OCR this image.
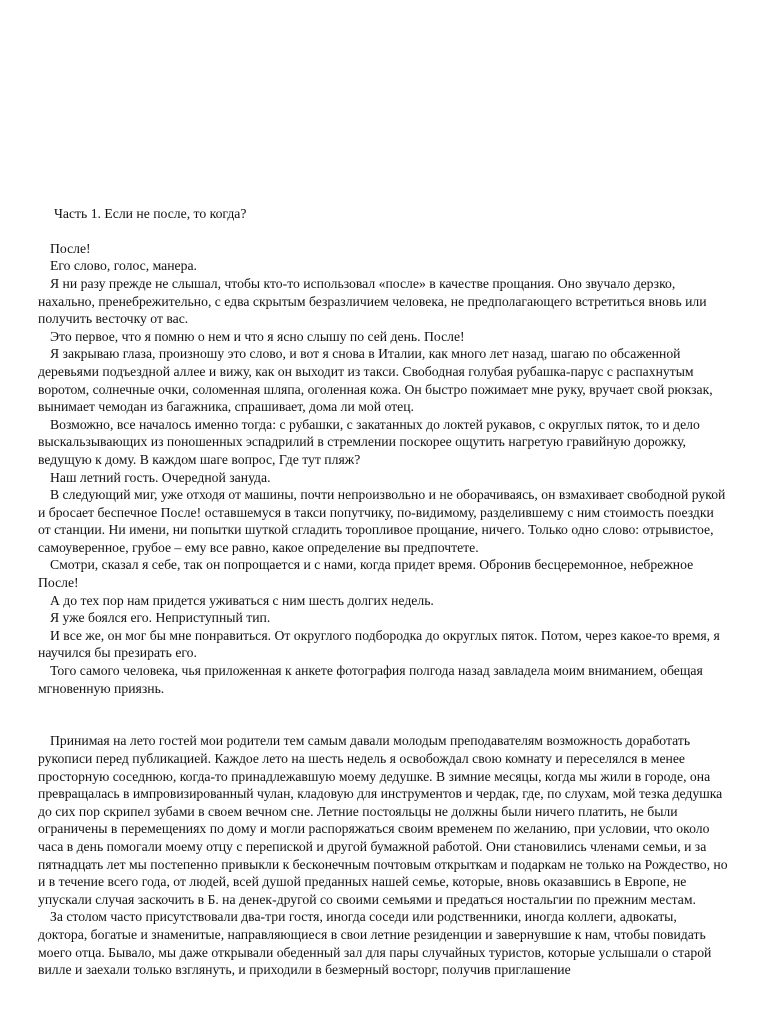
Часть 1. Если не после, то когда?

После!

Его слово, голос, манера.

Я ни разу прежде не слышал, чтобы кто-то использовал «после» в качестве прощания. Оно звучало дерзко, нахально, пренебрежительно, с едва скрытым безразличием человека, не предполагающего встретиться вновь или получить весточку от вас.

Это первое, что я помню о нем и что я ясно слышу по сей день. После!

Я закрываю глаза, произношу это слово, и вот я снова в Италии, как много лет назад, шагаю по обсаженной деревьями подъездной аллее и вижу, как он выходит из такси. Свободная голубая рубашка-парус с распахнутым воротом, солнечные очки, соломенная шляпа, оголенная кожа. Он быстро пожимает мне руку, вручает свой рюкзак, вынимает чемодан из багажника, спрашивает, дома ли мой отец.

Возможно, все началось именно тогда: с рубашки, с закатанных до локтей рукавов, с округлых пяток, то и дело выскальзывающих из поношенных эспадрилий в стремлении поскорее ощутить нагретую гравийную дорожку, ведущую к дому. В каждом шаге вопрос, Где тут пляж?

Наш летний гость. Очередной зануда.

В следующий миг, уже отходя от машины, почти непроизвольно и не оборачиваясь, он взмахивает свободной рукой и бросает беспечное После! оставшемуся в такси попутчику, по-видимому, разделившему с ним стоимость поездки от станции. Ни имени, ни попытки шуткой сгладить торопливое прощание, ничего. Только одно слово: отрывистое, самоуверенное, грубое – ему все равно, какое определение вы предпочтете.

Смотри, сказал я себе, так он попрощается и с нами, когда придет время. Обронив бесцеремонное, небрежное После!

А до тех пор нам придется уживаться с ним шесть долгих недель.

Я уже боялся его. Неприступный тип.

И все же, он мог бы мне понравиться. От округлого подбородка до округлых пяток. Потом, через какое-то время, я научился бы презирать его.

Того самого человека, чья приложенная к анкете фотография полгода назад завладела моим вниманием, обещая мгновенную приязнь.

Принимая на лето гостей мои родители тем самым давали молодым преподавателям возможность доработать рукописи перед публикацией. Каждое лето на шесть недель я освобождал свою комнату и переселялся в менее просторную соседнюю, когда-то принадлежавшую моему дедушке. В зимние месяцы, когда мы жили в городе, она превращалась в импровизированный чулан, кладовую для инструментов и чердак, где, по слухам, мой тезка дедушка до сих пор скрипел зубами в своем вечном сне. Летние постояльцы не должны были ничего платить, не были ограничены в перемещениях по дому и могли распоряжаться своим временем по желанию, при условии, что около часа в день помогали моему отцу с перепиской и другой бумажной работой. Они становились членами семьи, и за пятнадцать лет мы постепенно привыкли к бесконечным почтовым открыткам и подаркам не только на Рождество, но и в течение всего года, от людей, всей душой преданных нашей семье, которые, вновь оказавшись в Европе, не упускали случая заскочить в Б. на денек-другой со своими семьями и предаться ностальгии по прежним местам.

За столом часто присутствовали два-три гостя, иногда соседи или родственники, иногда коллеги, адвокаты, доктора, богатые и знаменитые, направляющиеся в свои летние резиденции и завернувшие к нам, чтобы повидать моего отца. Бывало, мы даже открывали обеденный зал для пары случайных туристов, которые услышали о старой вилле и заехали только взглянуть, и приходили в безмерный восторг, получив приглашение
